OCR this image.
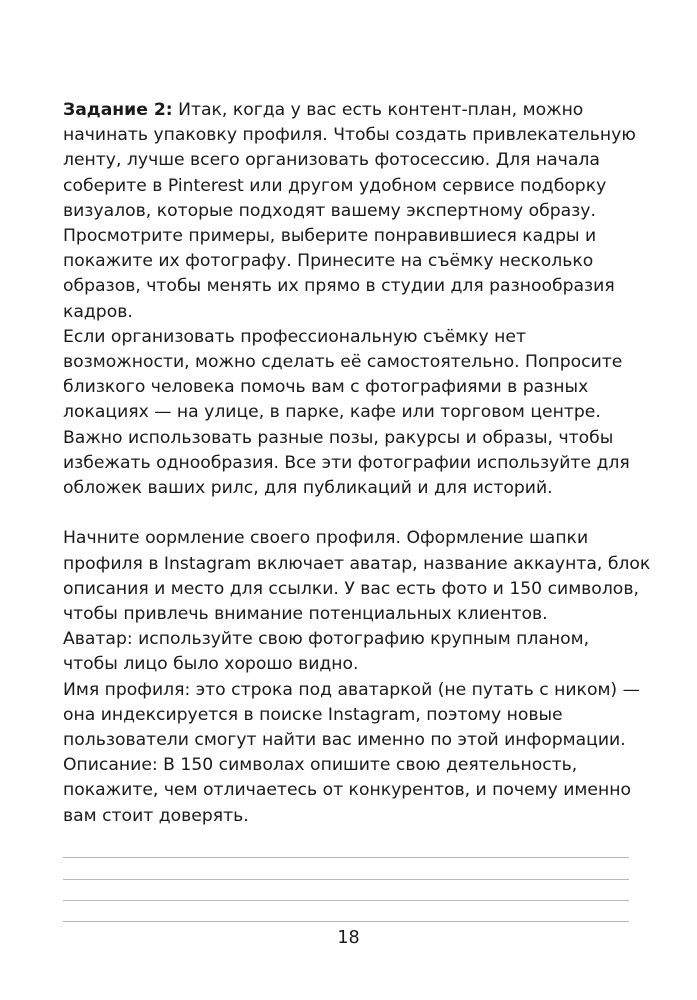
Задание 2: Итак, когда у вас есть контент-план, можно
начинать упаковку профиля. Чтобы создать привлекательную
ленту, лучше всего организовать фотосессию. Для начала
соберите в Pinterest или другом удобном сервисе подборку
визуалов, которые подходят вашему экспертному образу.
Просмотрите примеры, выберите понравившиеся кадры и
покажите их фотографу. Принесите на съёмку несколько
образов, чтобы менять их прямо в студии для разнообразия
кадров.
Если организовать профессиональную съёмку нет
возможности, можно сделать её самостоятельно. Попросите
близкого человека помочь вам с фотографиями в разных
локациях — на улице, в парке, кафе или торговом центре.
Важно использовать разные позы, ракурсы и образы, чтобы
избежать однообразия. Все эти фотографии используйте для
обложек ваших рилс, для публикаций и для историй.
Начните оормление своего профиля. Оформление шапки
профиля в Instagram включает аватар, название аккаунта, блок
описания и место для ссылки. У вас есть фото и 150 символов,
чтобы привлечь внимание потенциальных клиентов.
Аватар: используйте свою фотографию крупным планом,
чтобы лицо было хорошо видно.
Имя профиля: это строка под аватаркой (не путать с ником) —
она индексируется в поиске Instagram, поэтому новые
пользователи смогут найти вас именно по этой информации.
Описание: В 150 символах опишите свою деятельность,
покажите, чем отличаетесь от конкурентов, и почему именно
вам стоит доверять.
18
